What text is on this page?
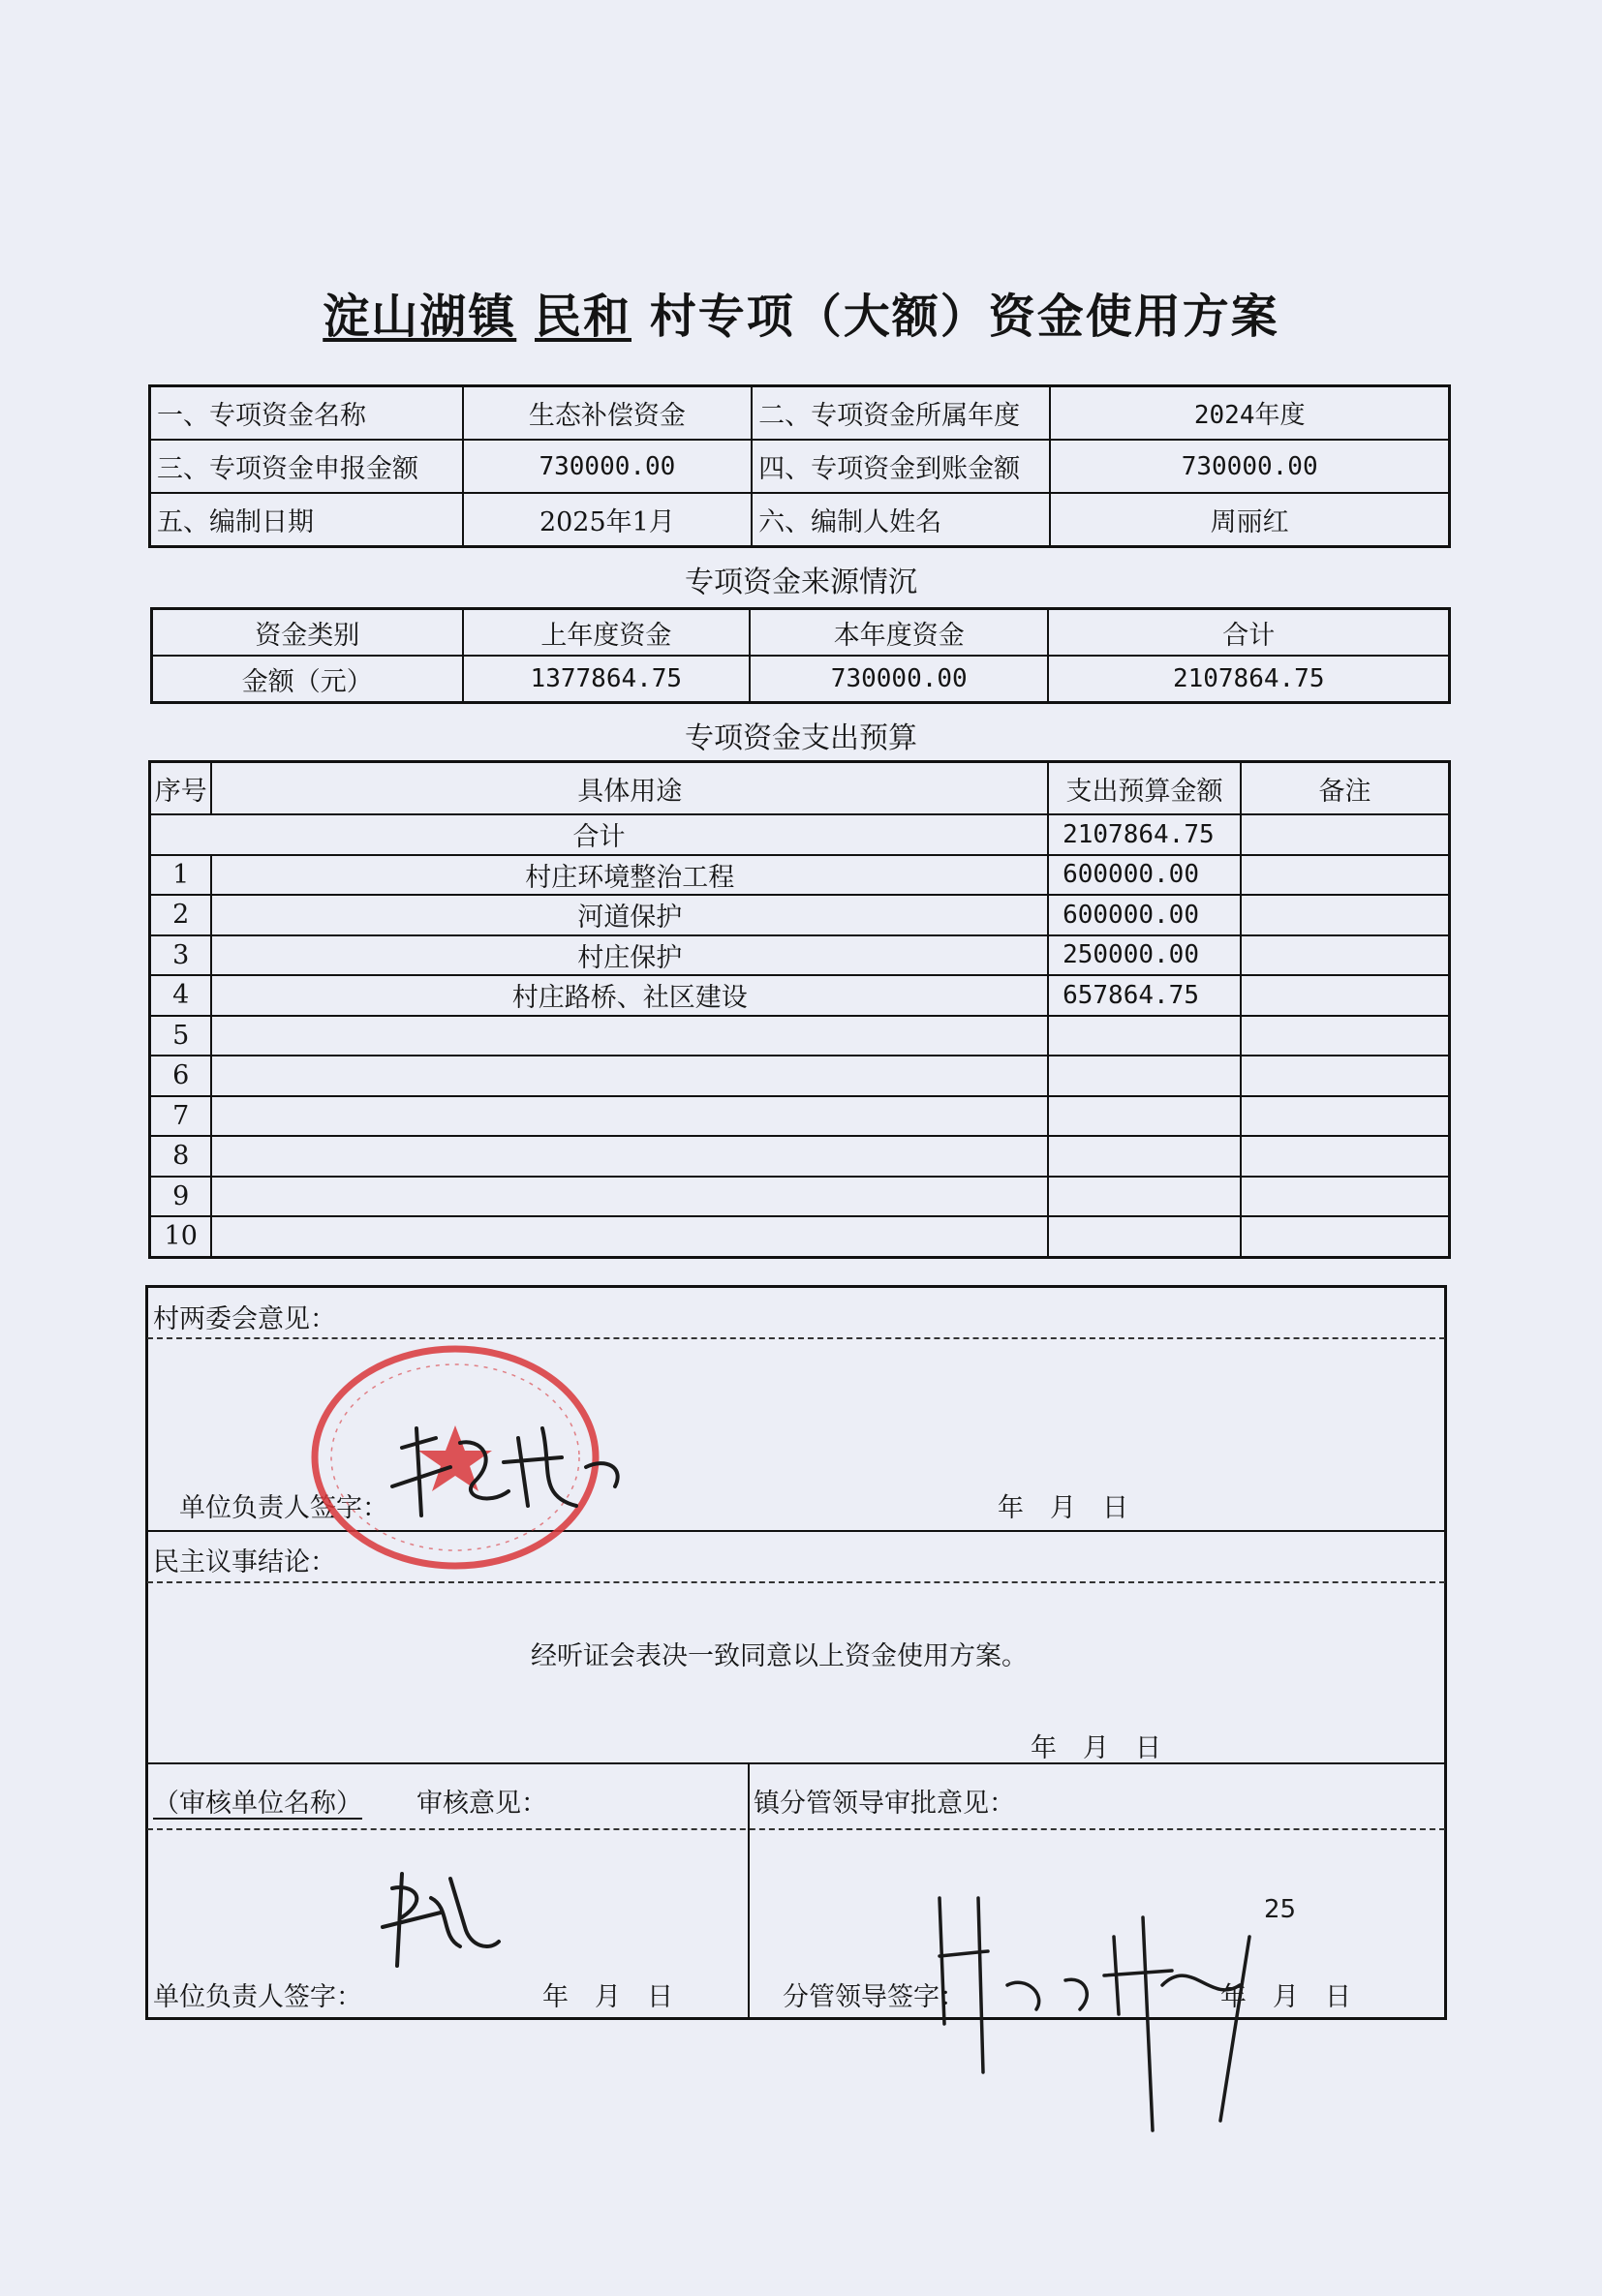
淀山湖镇 民和 村专项（大额）资金使用方案
一、专项资金名称	生态补偿资金	二、专项资金所属年度	2024年度
三、专项资金申报金额	730000.00	四、专项资金到账金额	730000.00
五、编制日期	2025年1月	六、编制人姓名	周丽红
专项资金来源情沉
资金类别	上年度资金	本年度资金	合计
金额（元）	1377864.75	730000.00	2107864.75
专项资金支出预算
序号	具体用途	支出预算金额	备注
合计		2107864.75	
1	村庄环境整治工程	600000.00	
2	河道保护	600000.00	
3	村庄保护	250000.00	
4	村庄路桥、社区建设	657864.75	
5			
6			
7			
8			
9			
10			
村两委会意见：
单位负责人签字：	年　月　日
民主议事结论：
经听证会表决一致同意以上资金使用方案。
年　月　日
（审核单位名称） 审核意见：	镇分管领导审批意见：
单位负责人签字：	年　月　日	分管领导签字：	年　月　日
25
